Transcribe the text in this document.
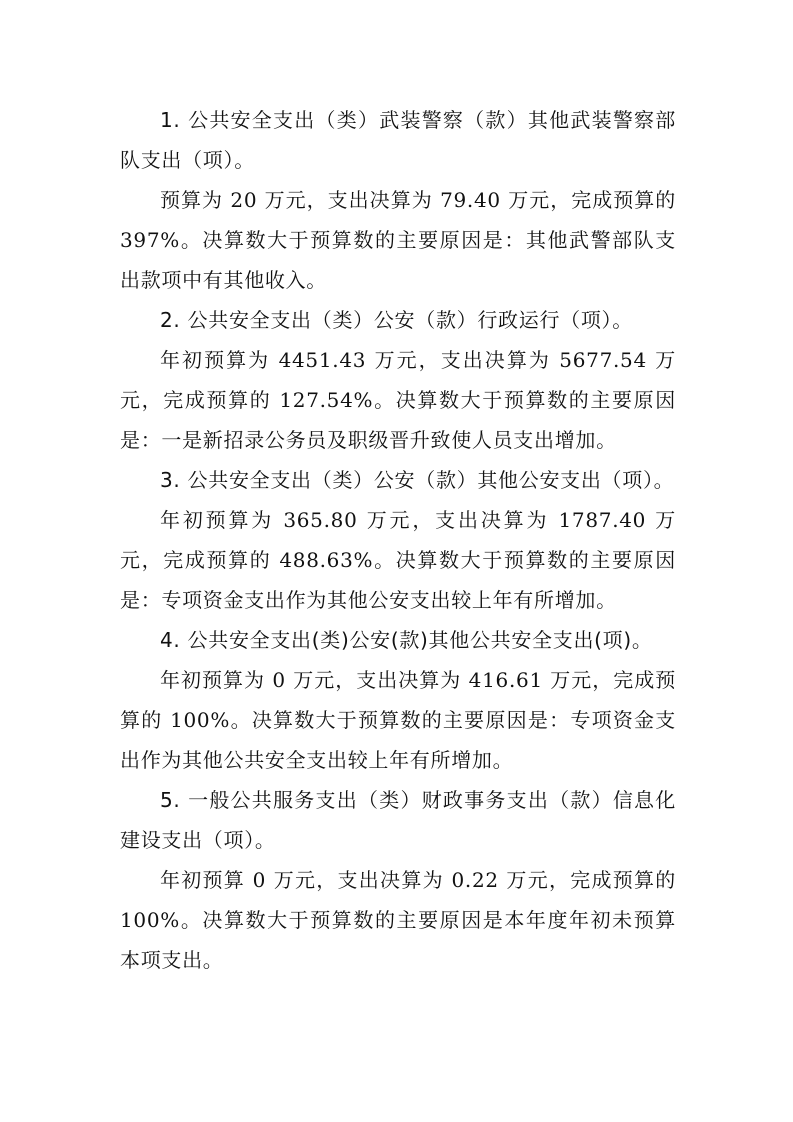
1. 公共安全支出（类）武装警察（款）其他武装警察部队支出（项）。

预算为 20 万元，支出决算为 79.40 万元，完成预算的 397%。决算数大于预算数的主要原因是：其他武警部队支出款项中有其他收入。

2. 公共安全支出（类）公安（款）行政运行（项）。

年初预算为 4451.43 万元，支出决算为 5677.54 万元，完成预算的 127.54%。决算数大于预算数的主要原因是：一是新招录公务员及职级晋升致使人员支出增加。

3. 公共安全支出（类）公安（款）其他公安支出（项）。

年初预算为 365.80 万元，支出决算为 1787.40 万元，完成预算的 488.63%。决算数大于预算数的主要原因是：专项资金支出作为其他公安支出较上年有所增加。

4. 公共安全支出(类)公安(款)其他公共安全支出(项)。

年初预算为 0 万元，支出决算为 416.61 万元，完成预算的 100%。决算数大于预算数的主要原因是：专项资金支出作为其他公共安全支出较上年有所增加。

5. 一般公共服务支出（类）财政事务支出（款）信息化建设支出（项）。

年初预算 0 万元，支出决算为 0.22 万元，完成预算的 100%。决算数大于预算数的主要原因是本年度年初未预算本项支出。
